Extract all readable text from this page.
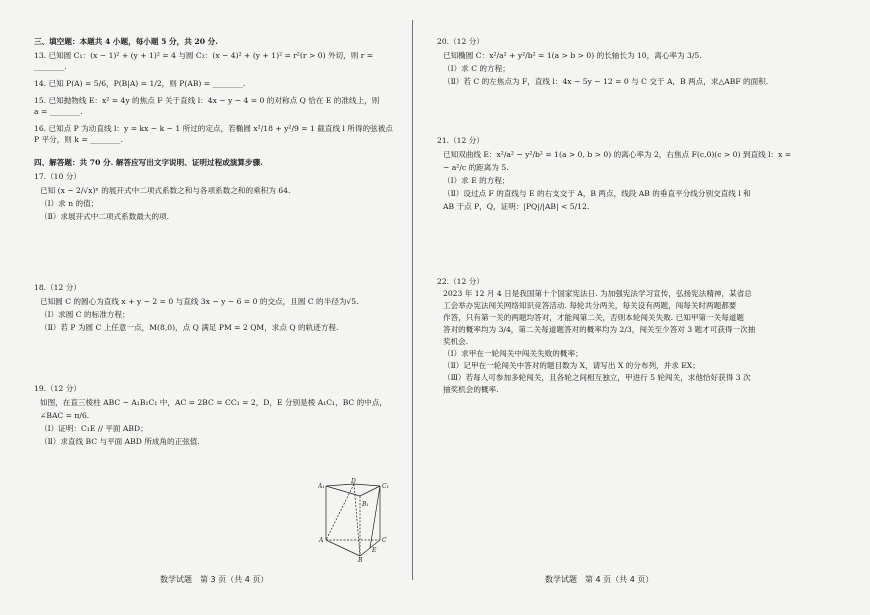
三、填空题：本题共 4 小题，每小题 5 分，共 20 分.

13. 已知圆 C₁：(x − 1)² + (y + 1)² = 4 与圆 C₂：(x − 4)² + (y + 1)² = r²(r > 0) 外切，则 r =

________.

14. 已知 P(A) = 5/6，P(B|A) = 1/2，则 P(AB) = ________.

15. 已知抛物线 E：x² = 4y 的焦点 F 关于直线 l：4x − y − 4 = 0 的对称点 Q 恰在 E 的准线上，则

a = ________.

16. 已知点 P 为动直线 l：y = kx − k − 1 所过的定点，若椭圆 x²/18 + y²/9 = 1 截直线 l 所得的弦被点

P 平分，则 k = ________.

四、解答题：共 70 分. 解答应写出文字说明、证明过程或演算步骤.

17.（10 分）

已知 (x − 2/√x)ⁿ 的展开式中二项式系数之和与各项系数之和的乘积为 64.

（Ⅰ）求 n 的值；

（Ⅱ）求展开式中二项式系数最大的项.

18.（12 分）

已知圆 C 的圆心为直线 x + y − 2 = 0 与直线 3x − y − 6 = 0 的交点，且圆 C 的半径为√5.

（Ⅰ）求圆 C 的标准方程；

（Ⅱ）若 P 为圆 C 上任意一点，M(8,0)，点 Q 满足 PM = 2 QM，求点 Q 的轨迹方程.

19.（12 分）

如图，在直三棱柱 ABC − A₁B₁C₁ 中，AC = 2BC = CC₁ = 2，D，E 分别是棱 A₁C₁，BC 的中点，

∠BAC = π/6.

（Ⅰ）证明：C₁E // 平面 ABD；

（Ⅱ）求直线 BC 与平面 ABD 所成角的正弦值.

A₁
D
C₁
B₁
A	C
E
B
数学试题　第 3 页（共 4 页）

20.（12 分）

已知椭圆 C：x²/a² + y²/b² = 1(a > b > 0) 的长轴长为 10，离心率为 3/5.

（Ⅰ）求 C 的方程；

（Ⅱ）若 C 的左焦点为 F，直线 l：4x − 5y − 12 = 0 与 C 交于 A，B 两点，求△ABF 的面积.

21.（12 分）

已知双曲线 E：x²/a² − y²/b² = 1(a > 0, b > 0) 的离心率为 2，右焦点 F(c,0)(c > 0) 到直线 l：x =

− a²/c 的距离为 5.

（Ⅰ）求 E 的方程；

（Ⅱ）设过点 F 的直线与 E 的右支交于 A，B 两点，线段 AB 的垂直平分线分别交直线 l 和

AB 于点 P，Q，证明：|PQ|/|AB| < 5/12.

22.（12 分）

2023 年 12 月 4 日是我国第十个国家宪法日. 为加强宪法学习宣传，弘扬宪法精神，某省总

工会举办宪法闯关网络知识竞答活动. 每轮共分两关，每关设有两题，闯每关时两题都要

作答，只有第一关的两题均答对，才能闯第二关，否则本轮闯关失败. 已知甲第一关每道题

答对的概率均为 3/4，第二关每道题答对的概率均为 2/3，闯关至少答对 3 题才可获得一次抽

奖机会.

（Ⅰ）求甲在一轮闯关中闯关失败的概率；

（Ⅱ）记甲在一轮闯关中答对的题目数为 X，请写出 X 的分布列，并求 EX；

（Ⅲ）若每人可参加多轮闯关，且各轮之间相互独立，甲进行 5 轮闯关，求他恰好获得 3 次

抽奖机会的概率.

数学试题　第 4 页（共 4 页）
